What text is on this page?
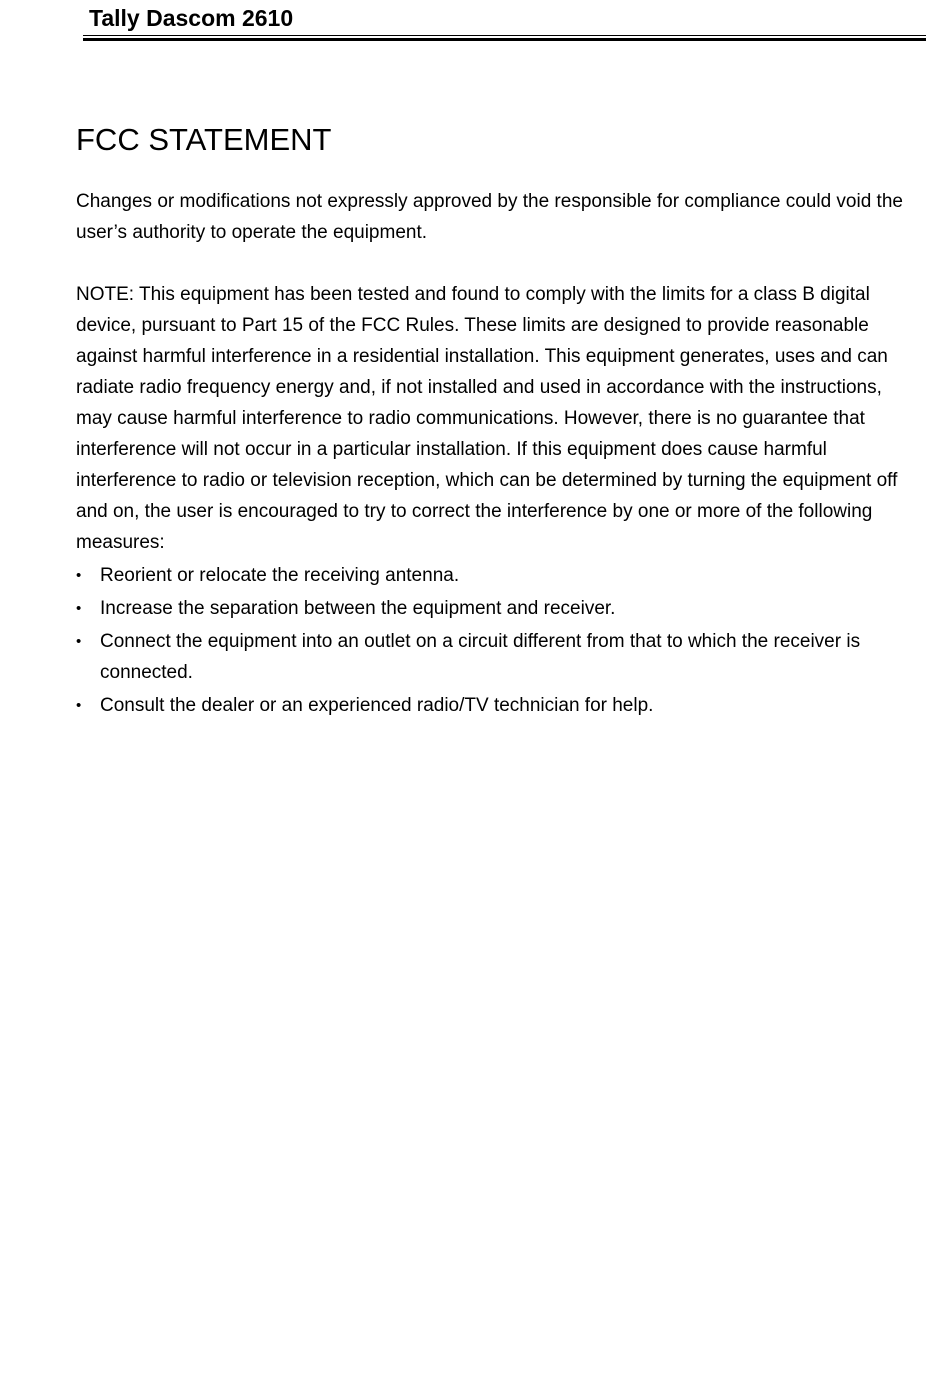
Tally Dascom 2610
FCC STATEMENT

Changes or modifications not expressly approved by the responsible for compliance could void the user’s authority to operate the equipment.

NOTE: This equipment has been tested and found to comply with the limits for a class B digital device, pursuant to Part 15 of the FCC Rules. These limits are designed to provide reasonable against harmful interference in a residential installation. This equipment generates, uses and can radiate radio frequency energy and, if not installed and used in accordance with the instructions, may cause harmful interference to radio communications. However, there is no guarantee that interference will not occur in a particular installation. If this equipment does cause harmful interference to radio or television reception, which can be determined by turning the equipment off and on, the user is encouraged to try to correct the interference by one or more of the following measures:

• Reorient or relocate the receiving antenna.
• Increase the separation between the equipment and receiver.
• Connect the equipment into an outlet on a circuit different from that to which the receiver is connected.
• Consult the dealer or an experienced radio/TV technician for help.
